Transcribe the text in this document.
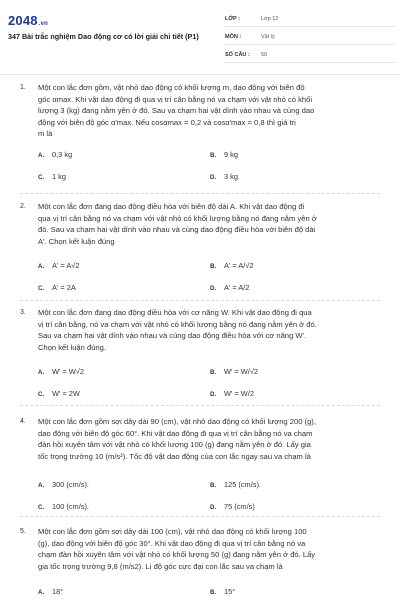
2048.vn
347 Bài trắc nghiệm Dao động cơ có lời giải chi tiết (P1)
LỚP :	Lớp 12
MÔN :	Vật lý
SỐ CÂU :	50
1. Một con lắc đơn gồm, vật nhỏ dao động có khối lượng m, dao động với biên độ
góc αmax. Khi vật dao động đi qua vị trí cân bằng nó va chạm với vật nhỏ có khối
lượng 3 (kg) đang nằm yên ở đó. Sau va chạm hai vật dính vào nhau và cùng dao
động với biên độ góc α'max. Nếu cosαmax = 0,2 và cosα'max = 0,8 thì giá trị
m là
A. 0,3 kg	B. 9 kg
C. 1 kg	D. 3 kg
2. Một con lắc đơn đang dao động điều hòa với biên độ dài A. Khi vật dao động đi
qua vị trí cân bằng nó va chạm với vật nhỏ có khối lượng bằng nó đang nằm yên ở
đó. Sau va chạm hai vật dính vào nhau và cùng dao động điều hòa với biên độ dài
A'. Chọn kết luận đúng
A. A' = A√2	B. A' = A/√2
C. A' = 2A	D. A' = A/2
3. Một con lắc đơn đang dao động điều hòa với cơ năng W. Khi vật dao động đi qua
vị trí cân bằng, nó va chạm với vật nhỏ có khối lượng bằng nó đang nằm yên ở đó.
Sau va chạm hai vật dính vào nhau và cùng dao động điều hòa với cơ năng W'.
Chọn kết luận đúng.
A. W' = W√2	B. W' = W/√2
C. W' = 2W	D. W' = W/2
4. Một con lắc đơn gồm sợi dây dài 90 (cm), vật nhỏ dao động có khối lượng 200 (g),
dao động với biên độ góc 60°. Khi vật dao động đi qua vị trí cân bằng nó va chạm
đàn hồi xuyên tâm với vật nhỏ có khối lượng 100 (g) đang nằm yên ở đó. Lấy gia
tốc trọng trường 10 (m/s²). Tốc độ vật dao động của con lắc ngay sau va chạm là
A. 300 (cm/s).	B. 125 (cm/s).
C. 100 (cm/s).	D. 75 (cm/s)
5. Một con lắc đơn gồm sợi dây dài 100 (cm), vật nhỏ dao động có khối lượng 100
(g), dao động với biên độ góc 30°. Khi vật dao động đi qua vị trí cân bằng nó va
chạm đàn hồi xuyên tâm với vật nhỏ có khối lượng 50 (g) đang nằm yên ở đó. Lấy
gia tốc trọng trường 9,8 (m/s2). Li độ góc cực đại con lắc sau va chạm là
A. 18°	B. 15°
